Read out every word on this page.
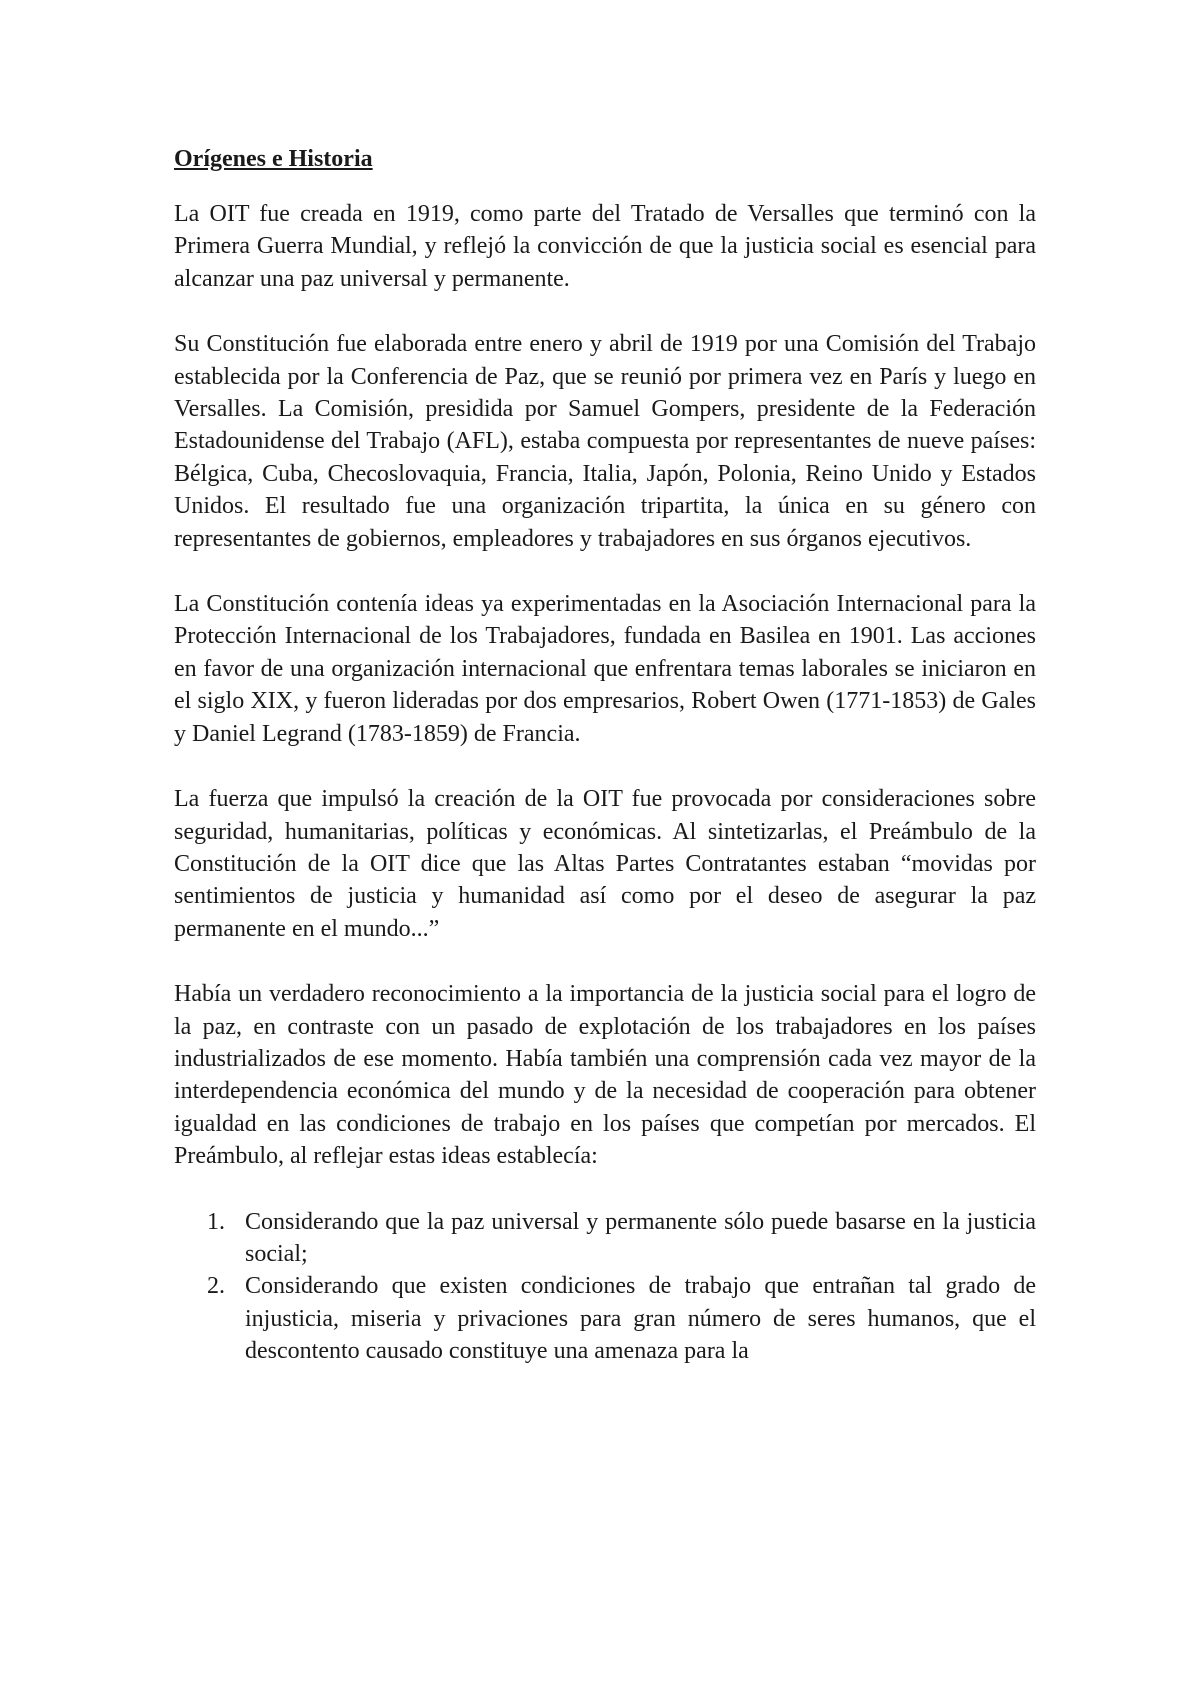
Orígenes e Historia

La OIT fue creada en 1919, como parte del Tratado de Versalles que terminó con la Primera Guerra Mundial, y reflejó la convicción de que la justicia social es esencial para alcanzar una paz universal y permanente.

Su Constitución fue elaborada entre enero y abril de 1919 por una Comisión del Trabajo establecida por la Conferencia de Paz, que se reunió por primera vez en París y luego en Versalles. La Comisión, presidida por Samuel Gompers, presidente de la Federación Estadounidense del Trabajo (AFL), estaba compuesta por representantes de nueve países: Bélgica, Cuba, Checoslovaquia, Francia, Italia, Japón, Polonia, Reino Unido y Estados Unidos. El resultado fue una organización tripartita, la única en su género con representantes de gobiernos, empleadores y trabajadores en sus órganos ejecutivos.

La Constitución contenía ideas ya experimentadas en la Asociación Internacional para la Protección Internacional de los Trabajadores, fundada en Basilea en 1901. Las acciones en favor de una organización internacional que enfrentara temas laborales se iniciaron en el siglo XIX, y fueron lideradas por dos empresarios, Robert Owen (1771-1853) de Gales y Daniel Legrand (1783-1859) de Francia.

La fuerza que impulsó la creación de la OIT fue provocada por consideraciones sobre seguridad, humanitarias, políticas y económicas. Al sintetizarlas, el Preámbulo de la Constitución de la OIT dice que las Altas Partes Contratantes estaban “movidas por sentimientos de justicia y humanidad así como por el deseo de asegurar la paz permanente en el mundo...”

Había un verdadero reconocimiento a la importancia de la justicia social para el logro de la paz, en contraste con un pasado de explotación de los trabajadores en los países industrializados de ese momento. Había también una comprensión cada vez mayor de la interdependencia económica del mundo y de la necesidad de cooperación para obtener igualdad en las condiciones de trabajo en los países que competían por mercados. El Preámbulo, al reflejar estas ideas establecía:

1. Considerando que la paz universal y permanente sólo puede basarse en la justicia social;
2. Considerando que existen condiciones de trabajo que entrañan tal grado de injusticia, miseria y privaciones para gran número de seres humanos, que el descontento causado constituye una amenaza para la
